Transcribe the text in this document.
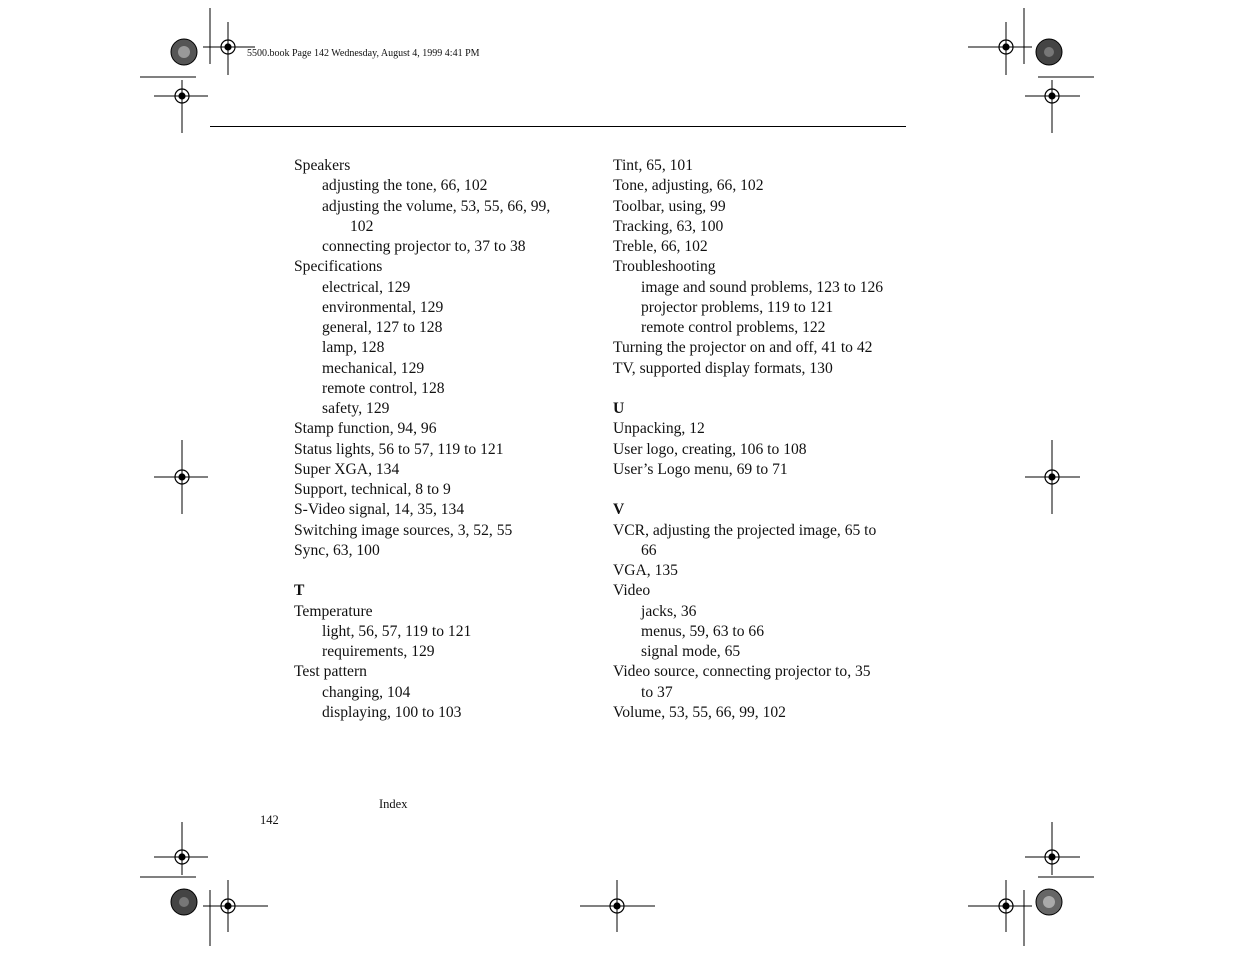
5500.book Page 142 Wednesday, August 4, 1999 4:41 PM
Speakers
adjusting the tone, 66, 102
adjusting the volume, 53, 55, 66, 99,
102
connecting projector to, 37 to 38
Specifications
electrical, 129
environmental, 129
general, 127 to 128
lamp, 128
mechanical, 129
remote control, 128
safety, 129
Stamp function, 94, 96
Status lights, 56 to 57, 119 to 121
Super XGA, 134
Support, technical, 8 to 9
S-Video signal, 14, 35, 134
Switching image sources, 3, 52, 55
Sync, 63, 100
T
Temperature
light, 56, 57, 119 to 121
requirements, 129
Test pattern
changing, 104
displaying, 100 to 103
Tint, 65, 101
Tone, adjusting, 66, 102
Toolbar, using, 99
Tracking, 63, 100
Treble, 66, 102
Troubleshooting
image and sound problems, 123 to 126
projector problems, 119 to 121
remote control problems, 122
Turning the projector on and off, 41 to 42
TV, supported display formats, 130
U
Unpacking, 12
User logo, creating, 106 to 108
User’s Logo menu, 69 to 71
V
VCR, adjusting the projected image, 65 to
66
VGA, 135
Video
jacks, 36
menus, 59, 63 to 66
signal mode, 65
Video source, connecting projector to, 35
to 37
Volume, 53, 55, 66, 99, 102
Index
142
